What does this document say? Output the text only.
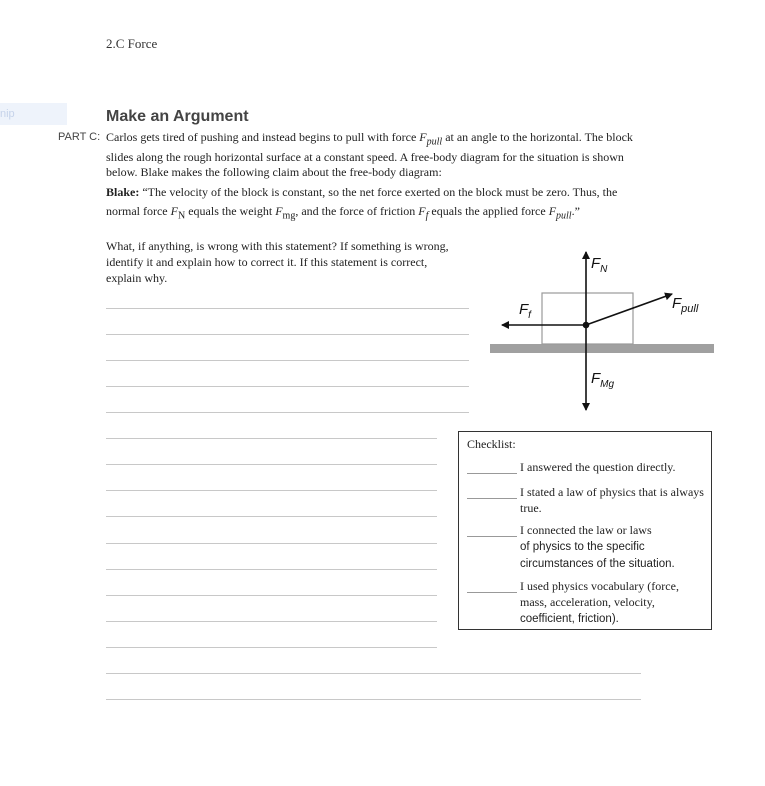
2.C Force
nip	Make an Argument
PART C: Carlos gets tired of pushing and instead begins to pull with force $F_{pull}$ at an angle to the horizontal. The block slides along the rough horizontal surface at a constant speed. A free-body diagram for the situation is shown below. Blake makes the following claim about the free-body diagram:
Blake: “The velocity of the block is constant, so the net force exerted on the block must be zero. Thus, the normal force $F_N$ equals the weight $F_{mg}$, and the force of friction $F_f$ equals the applied force $F_{pull}$.”
What, if anything, is wrong with this statement? If something is wrong, identify it and explain how to correct it. If this statement is correct, explain why.
$F_N$
$F_f$
$F_{pull}$
$F_{Mg}$
Checklist:
I answered the question directly.
I stated a law of physics that is always true.
I connected the law or laws
of physics to the specific circumstances of the situation.
I used physics vocabulary (force, mass, acceleration, velocity,
coefficient, friction).
